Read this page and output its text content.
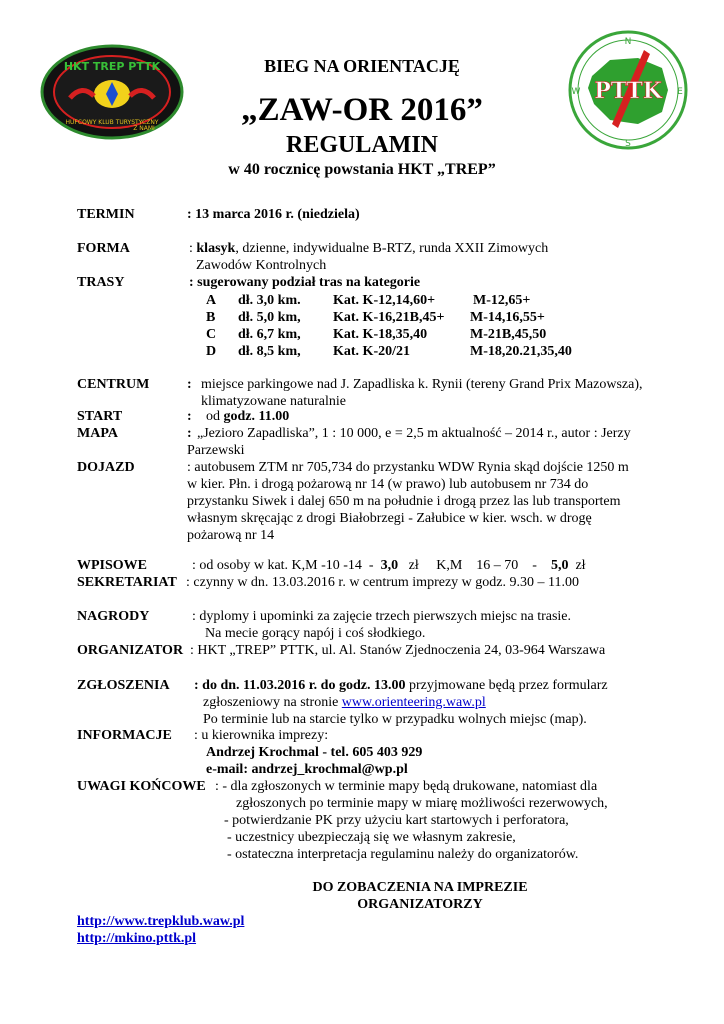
HKT TREP PTTK
HUFCOWY KLUB TURYSTYCZNY
Z NAMI
N
S
E
W PTTK
BIEG NA ORIENTACJĘ
„ZAW-OR 2016”
REGULAMIN
w 40 rocznicę powstania HKT „TREP”
TERMIN	: 13 marca 2016 r. (niedziela)
FORMA	: klasyk, dzienne, indywidualne B-RTZ, runda XXII Zimowych
Zawodów Kontrolnych
TRASY	: sugerowany podział tras na kategorie
A dł. 3,0 km. Kat. K-12,14,60+	M-12,65+
B dł. 5,0 km, Kat. K-16,21B,45+ M-14,16,55+
C dł. 6,7 km, Kat. K-18,35,40	M-21B,45,50
D dł. 8,5 km, Kat. K-20/21	M-18,20.21,35,40
CENTRUM	: miejsce parkingowe nad J. Zapadliska k. Rynii (tereny Grand Prix Mazowsza),
klimatyzowane naturalnie
START	: od godz. 11.00
MAPA	: „Jezioro Zapadliska”, 1 : 10 000, e = 2,5 m aktualność – 2014 r., autor : Jerzy
Parzewski
DOJAZD	: autobusem ZTM nr 705,734 do przystanku WDW Rynia skąd dojście 1250 m
w kier. Płn. i drogą pożarową nr 14 (w prawo) lub autobusem nr 734 do
przystanku Siwek i dalej 650 m na południe i drogą przez las lub transportem
własnym skręcając z drogi Białobrzegi - Załubice w kier. wsch. w drogę
pożarową nr 14
WPISOWE	: od osoby w kat. K,M -10 -14  -  3,0   zł     K,M    16 – 70    -    5,0  zł
SEKRETARIAT : czynny w dn. 13.03.2016 r. w centrum imprezy w godz. 9.30 – 11.00
NAGRODY	: dyplomy i upominki za zajęcie trzech pierwszych miejsc na trasie.
Na mecie gorący napój i coś słodkiego.
ORGANIZATOR : HKT „TREP” PTTK, ul. Al. Stanów Zjednoczenia 24, 03-964 Warszawa
ZGŁOSZENIA : do dn. 11.03.2016 r. do godz. 13.00 przyjmowane będą przez formularz
zgłoszeniowy na stronie www.orienteering.waw.pl
Po terminie lub na starcie tylko w przypadku wolnych miejsc (map).
INFORMACJE : u kierownika imprezy:
Andrzej Krochmal - tel. 605 403 929
e-mail: andrzej_krochmal@wp.pl
UWAGI KOŃCOWE : - dla zgłoszonych w terminie mapy będą drukowane, natomiast dla
zgłoszonych po terminie mapy w miarę możliwości rezerwowych,
- potwierdzanie PK przy użyciu kart startowych i perforatora,
- uczestnicy ubezpieczają się we własnym zakresie,
- ostateczna interpretacja regulaminu należy do organizatorów.
DO ZOBACZENIA NA IMPREZIE
ORGANIZATORZY
http://www.trepklub.waw.pl
http://mkino.pttk.pl
